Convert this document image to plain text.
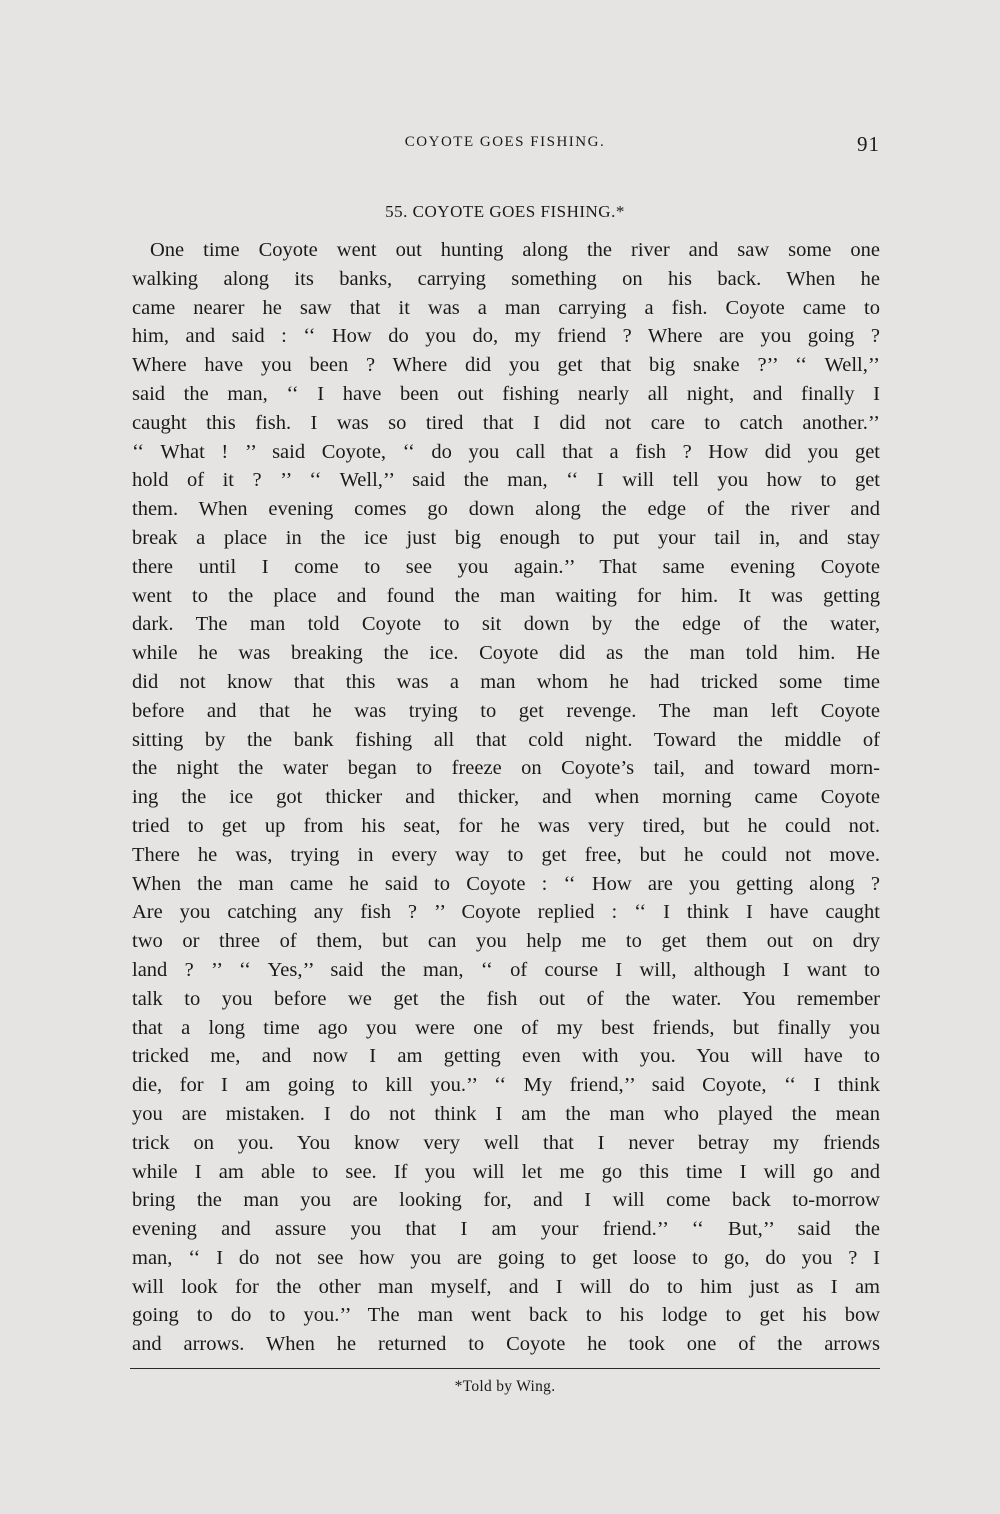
COYOTE GOES FISHING.	91
55. COYOTE GOES FISHING.*
One time Coyote went out hunting along the river and saw some one
walking along its banks, carrying something on his back. When he
came nearer he saw that it was a man carrying a fish. Coyote came to
him, and said : ‘‘ How do you do, my friend ? Where are you going ?
Where have you been ? Where did you get that big snake ?’’ ‘‘ Well,’’
said the man, ‘‘ I have been out fishing nearly all night, and finally I
caught this fish. I was so tired that I did not care to catch another.’’
‘‘ What ! ’’ said Coyote, ‘‘ do you call that a fish ? How did you get
hold of it ? ’’ ‘‘ Well,’’ said the man, ‘‘ I will tell you how to get
them. When evening comes go down along the edge of the river and
break a place in the ice just big enough to put your tail in, and stay
there until I come to see you again.’’ That same evening Coyote
went to the place and found the man waiting for him. It was getting
dark. The man told Coyote to sit down by the edge of the water,
while he was breaking the ice. Coyote did as the man told him. He
did not know that this was a man whom he had tricked some time
before and that he was trying to get revenge. The man left Coyote
sitting by the bank fishing all that cold night. Toward the middle of
the night the water began to freeze on Coyote’s tail, and toward morn-
ing the ice got thicker and thicker, and when morning came Coyote
tried to get up from his seat, for he was very tired, but he could not.
There he was, trying in every way to get free, but he could not move.
When the man came he said to Coyote : ‘‘ How are you getting along ?
Are you catching any fish ? ’’ Coyote replied : ‘‘ I think I have caught
two or three of them, but can you help me to get them out on dry
land ? ’’ ‘‘ Yes,’’ said the man, ‘‘ of course I will, although I want to
talk to you before we get the fish out of the water. You remember
that a long time ago you were one of my best friends, but finally you
tricked me, and now I am getting even with you. You will have to
die, for I am going to kill you.’’ ‘‘ My friend,’’ said Coyote, ‘‘ I think
you are mistaken. I do not think I am the man who played the mean
trick on you. You know very well that I never betray my friends
while I am able to see. If you will let me go this time I will go and
bring the man you are looking for, and I will come back to-morrow
evening and assure you that I am your friend.’’ ‘‘ But,’’ said the
man, ‘‘ I do not see how you are going to get loose to go, do you ? I
will look for the other man myself, and I will do to him just as I am
going to do to you.’’ The man went back to his lodge to get his bow
and arrows. When he returned to Coyote he took one of the arrows
*Told by Wing.
